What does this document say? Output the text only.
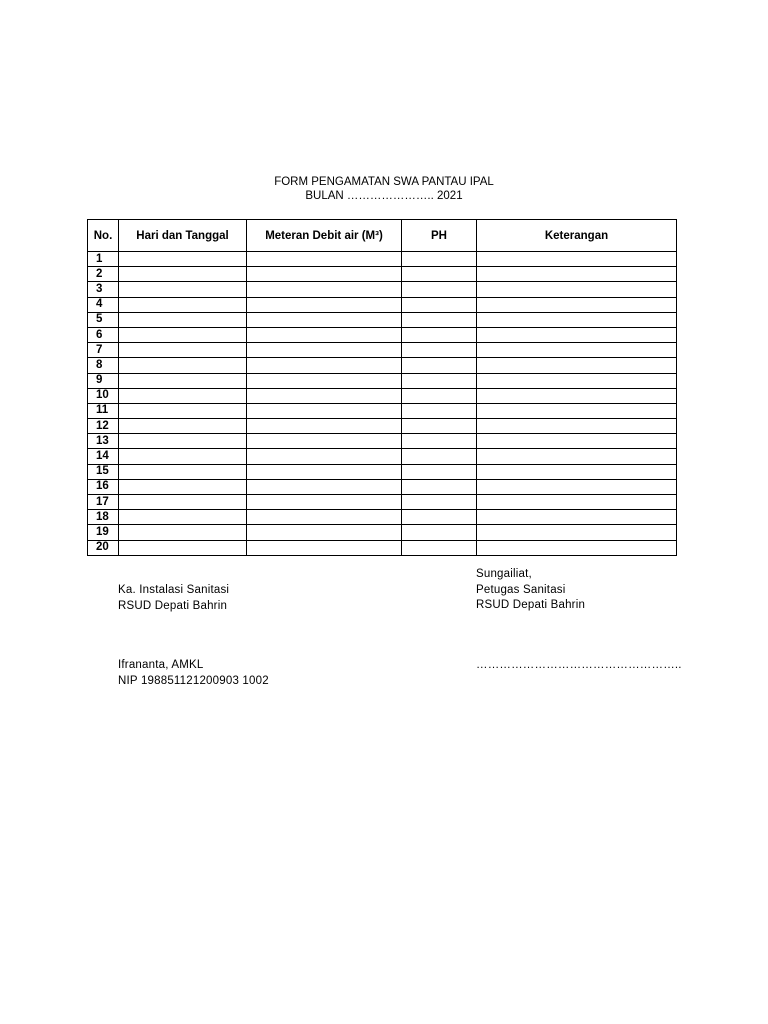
FORM PENGAMATAN SWA PANTAU IPAL
BULAN ………………….. 2021
No.	Hari dan Tanggal	Meteran Debit air (M³)	PH	Keterangan
1				
2				
3				
4				
5				
6				
7				
8				
9				
10				
11				
12				
13				
14				
15				
16				
17				
18				
19				
20				
Ka. Instalasi Sanitasi
RSUD Depati Bahrin
Ifrananta, AMKL
NIP 198851121200903 1002
Sungailiat,
Petugas Sanitasi
RSUD Depati Bahrin
……………………………………………..
